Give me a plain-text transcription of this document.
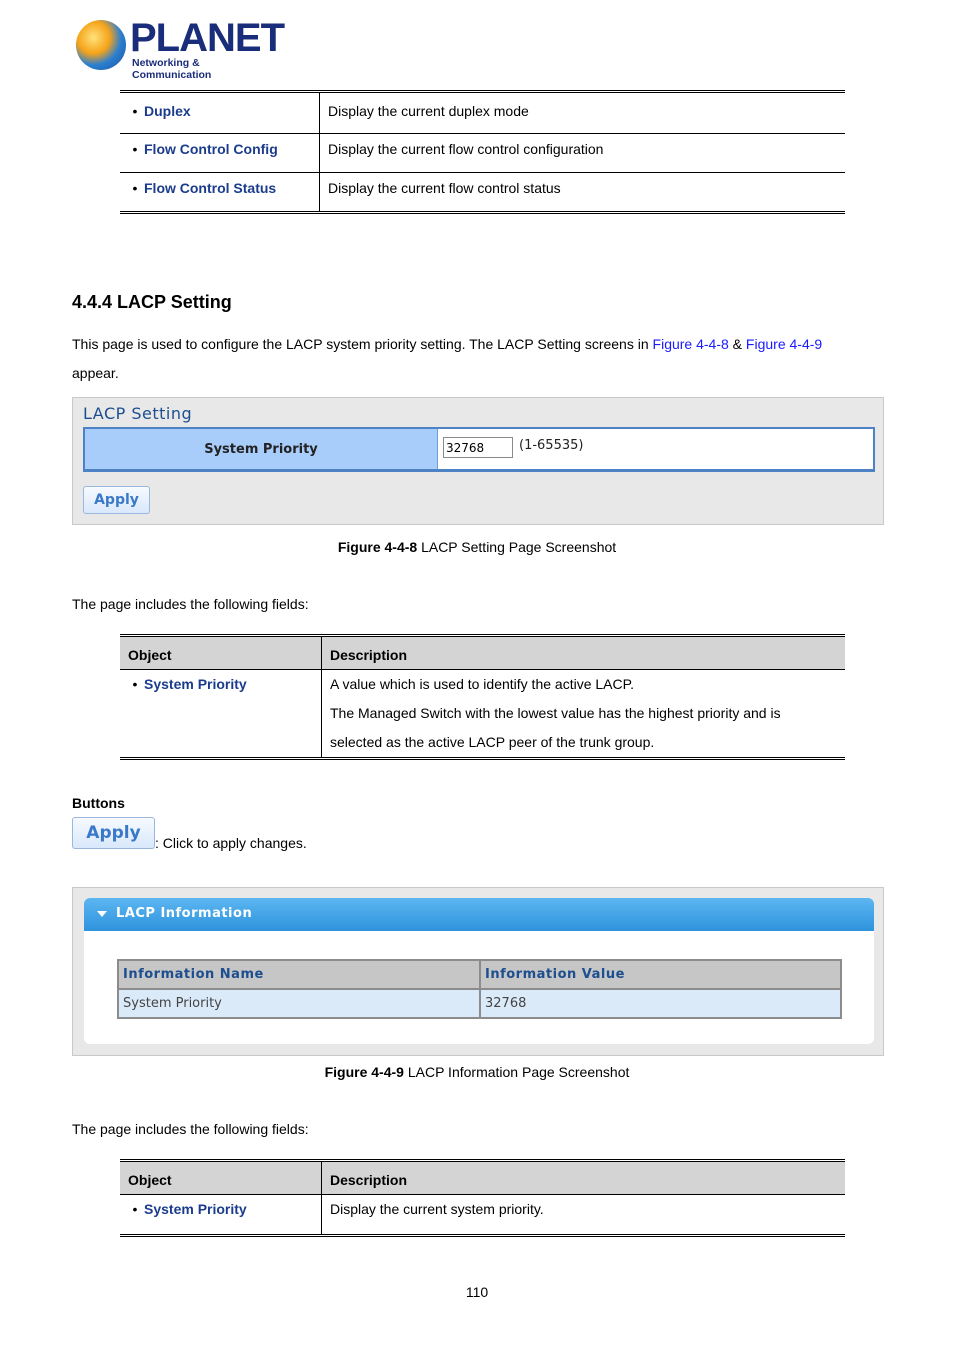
PLANET
Networking & Communication
• Duplex	Display the current duplex mode
• Flow Control Config	Display the current flow control configuration
• Flow Control Status	Display the current flow control status
4.4.4 LACP Setting
This page is used to configure the LACP system priority setting. The LACP Setting screens in Figure 4-4-8 & Figure 4-4-9
appear.
LACP Setting
System Priority	32768	(1-65535)
Apply
Figure 4-4-8 LACP Setting Page Screenshot
The page includes the following fields:
Object	Description
• System Priority	A value which is used to identify the active LACP.
The Managed Switch with the lowest value has the highest priority and is
selected as the active LACP peer of the trunk group.
Buttons
Apply	: Click to apply changes.
LACP Information
Information Name	Information Value
System Priority	32768
Figure 4-4-9 LACP Information Page Screenshot
The page includes the following fields:
Object	Description
• System Priority	Display the current system priority.
110
